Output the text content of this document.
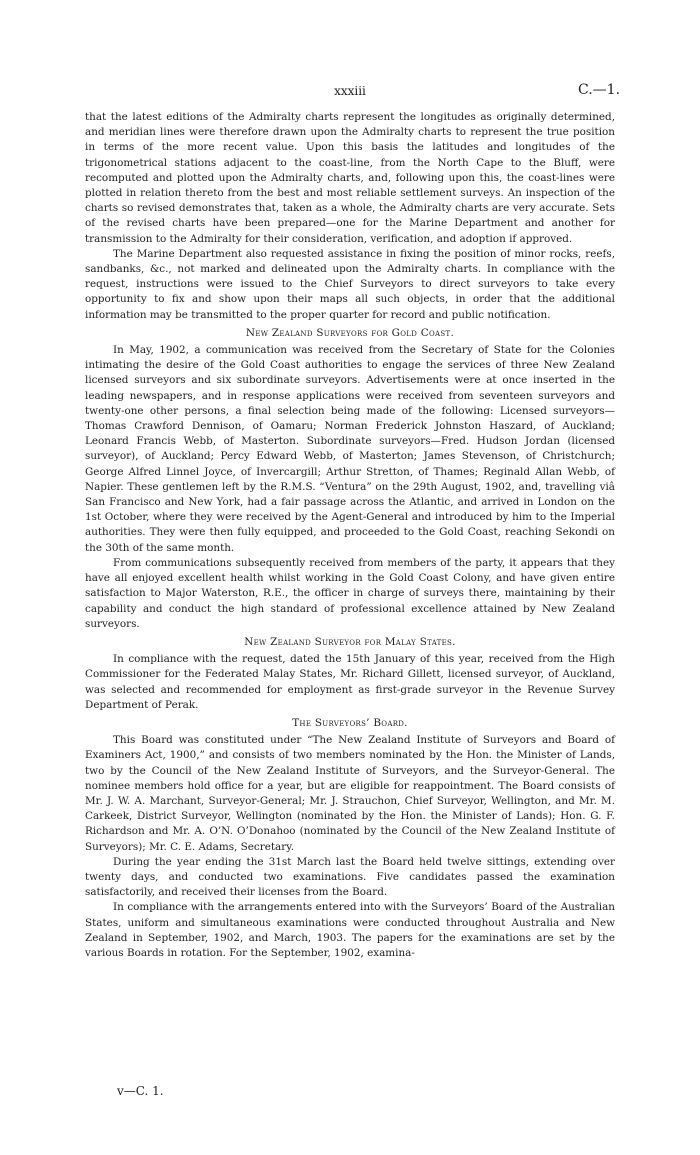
xxxiii	C.—1.

that the latest editions of the Admiralty charts represent the longitudes as originally determined, and meridian lines were therefore drawn upon the Admiralty charts to represent the true position in terms of the more recent value. Upon this basis the latitudes and longitudes of the trigonometrical stations adjacent to the coast-line, from the North Cape to the Bluff, were recomputed and plotted upon the Admiralty charts, and, following upon this, the coast-lines were plotted in relation thereto from the best and most reliable settlement surveys. An inspection of the charts so revised demonstrates that, taken as a whole, the Admiralty charts are very accurate. Sets of the revised charts have been prepared—one for the Marine Department and another for transmission to the Admiralty for their consideration, verification, and adoption if approved.

The Marine Department also requested assistance in fixing the position of minor rocks, reefs, sandbanks, &c., not marked and delineated upon the Admiralty charts. In compliance with the request, instructions were issued to the Chief Surveyors to direct surveyors to take every opportunity to fix and show upon their maps all such objects, in order that the additional information may be transmitted to the proper quarter for record and public notification.

New Zealand Surveyors for Gold Coast.

In May, 1902, a communication was received from the Secretary of State for the Colonies intimating the desire of the Gold Coast authorities to engage the services of three New Zealand licensed surveyors and six subordinate surveyors. Advertisements were at once inserted in the leading newspapers, and in response applications were received from seventeen surveyors and twenty-one other persons, a final selection being made of the following: Licensed surveyors—Thomas Crawford Dennison, of Oamaru; Norman Frederick Johnston Haszard, of Auckland; Leonard Francis Webb, of Masterton. Subordinate surveyors—Fred. Hudson Jordan (licensed surveyor), of Auckland; Percy Edward Webb, of Masterton; James Stevenson, of Christchurch; George Alfred Linnel Joyce, of Invercargill; Arthur Stretton, of Thames; Reginald Allan Webb, of Napier. These gentlemen left by the R.M.S. “Ventura” on the 29th August, 1902, and, travelling viâ San Francisco and New York, had a fair passage across the Atlantic, and arrived in London on the 1st October, where they were received by the Agent-General and introduced by him to the Imperial authorities. They were then fully equipped, and proceeded to the Gold Coast, reaching Sekondi on the 30th of the same month.

From communications subsequently received from members of the party, it appears that they have all enjoyed excellent health whilst working in the Gold Coast Colony, and have given entire satisfaction to Major Waterston, R.E., the officer in charge of surveys there, maintaining by their capability and conduct the high standard of professional excellence attained by New Zealand surveyors.

New Zealand Surveyor for Malay States.

In compliance with the request, dated the 15th January of this year, received from the High Commissioner for the Federated Malay States, Mr. Richard Gillett, licensed surveyor, of Auckland, was selected and recommended for employment as first-grade surveyor in the Revenue Survey Department of Perak.

The Surveyors’ Board.

This Board was constituted under “The New Zealand Institute of Surveyors and Board of Examiners Act, 1900,” and consists of two members nominated by the Hon. the Minister of Lands, two by the Council of the New Zealand Institute of Surveyors, and the Surveyor-General. The nominee members hold office for a year, but are eligible for reappointment. The Board consists of Mr. J. W. A. Marchant, Surveyor-General; Mr. J. Strauchon, Chief Surveyor, Wellington, and Mr. M. Carkeek, District Surveyor, Wellington (nominated by the Hon. the Minister of Lands); Hon. G. F. Richardson and Mr. A. O’N. O’Donahoo (nominated by the Council of the New Zealand Institute of Surveyors); Mr. C. E. Adams, Secretary.

During the year ending the 31st March last the Board held twelve sittings, extending over twenty days, and conducted two examinations. Five candidates passed the examination satisfactorily, and received their licenses from the Board.

In compliance with the arrangements entered into with the Surveyors’ Board of the Australian States, uniform and simultaneous examinations were conducted throughout Australia and New Zealand in September, 1902, and March, 1903. The papers for the examinations are set by the various Boards in rotation. For the September, 1902, examina-

v—C. 1.
